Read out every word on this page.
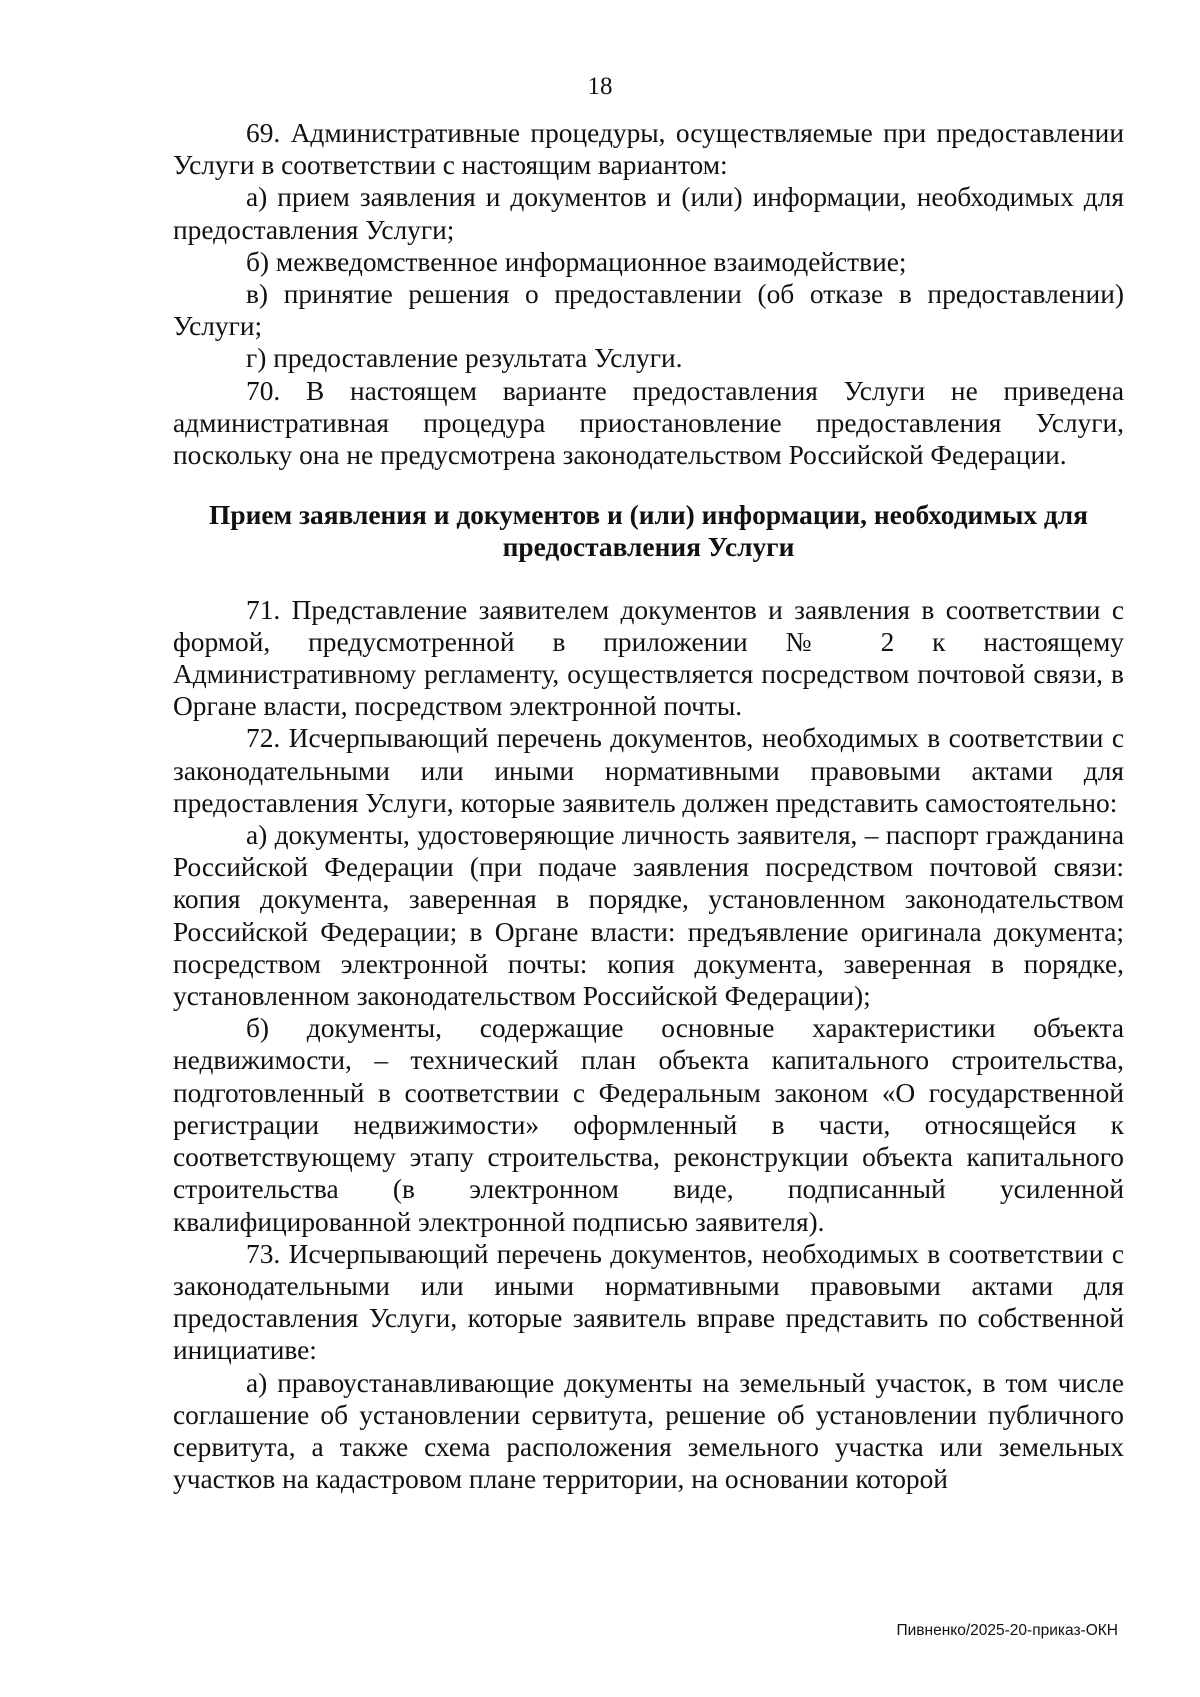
18

69. Административные процедуры, осуществляемые при предоставлении Услуги в соответствии с настоящим вариантом:

а) прием заявления и документов и (или) информации, необходимых для предоставления Услуги;

б) межведомственное информационное взаимодействие;

в) принятие решения о предоставлении (об отказе в предоставлении) Услуги;

г) предоставление результата Услуги.

70. В настоящем варианте предоставления Услуги не приведена административная процедура приостановление предоставления Услуги, поскольку она не предусмотрена законодательством Российской Федерации.

Прием заявления и документов и (или) информации, необходимых для предоставления Услуги

71. Представление заявителем документов и заявления в соответствии с формой, предусмотренной в приложении № 2 к настоящему Административному регламенту, осуществляется посредством почтовой связи, в Органе власти, посредством электронной почты.

72. Исчерпывающий перечень документов, необходимых в соответствии с законодательными или иными нормативными правовыми актами для предоставления Услуги, которые заявитель должен представить самостоятельно:

а) документы, удостоверяющие личность заявителя, – паспорт гражданина Российской Федерации (при подаче заявления посредством почтовой связи: копия документа, заверенная в порядке, установленном законодательством Российской Федерации; в Органе власти: предъявление оригинала документа; посредством электронной почты: копия документа, заверенная в порядке, установленном законодательством Российской Федерации);

б) документы, содержащие основные характеристики объекта недвижимости, – технический план объекта капитального строительства, подготовленный в соответствии с Федеральным законом «О государственной регистрации недвижимости» оформленный в части, относящейся к соответствующему этапу строительства, реконструкции объекта капитального строительства (в электронном виде, подписанный усиленной квалифицированной электронной подписью заявителя).

73. Исчерпывающий перечень документов, необходимых в соответствии с законодательными или иными нормативными правовыми актами для предоставления Услуги, которые заявитель вправе представить по собственной инициативе:

а) правоустанавливающие документы на земельный участок, в том числе соглашение об установлении сервитута, решение об установлении публичного сервитута, а также схема расположения земельного участка или земельных участков на кадастровом плане территории, на основании которой

Пивненко/2025-20-приказ-ОКН
